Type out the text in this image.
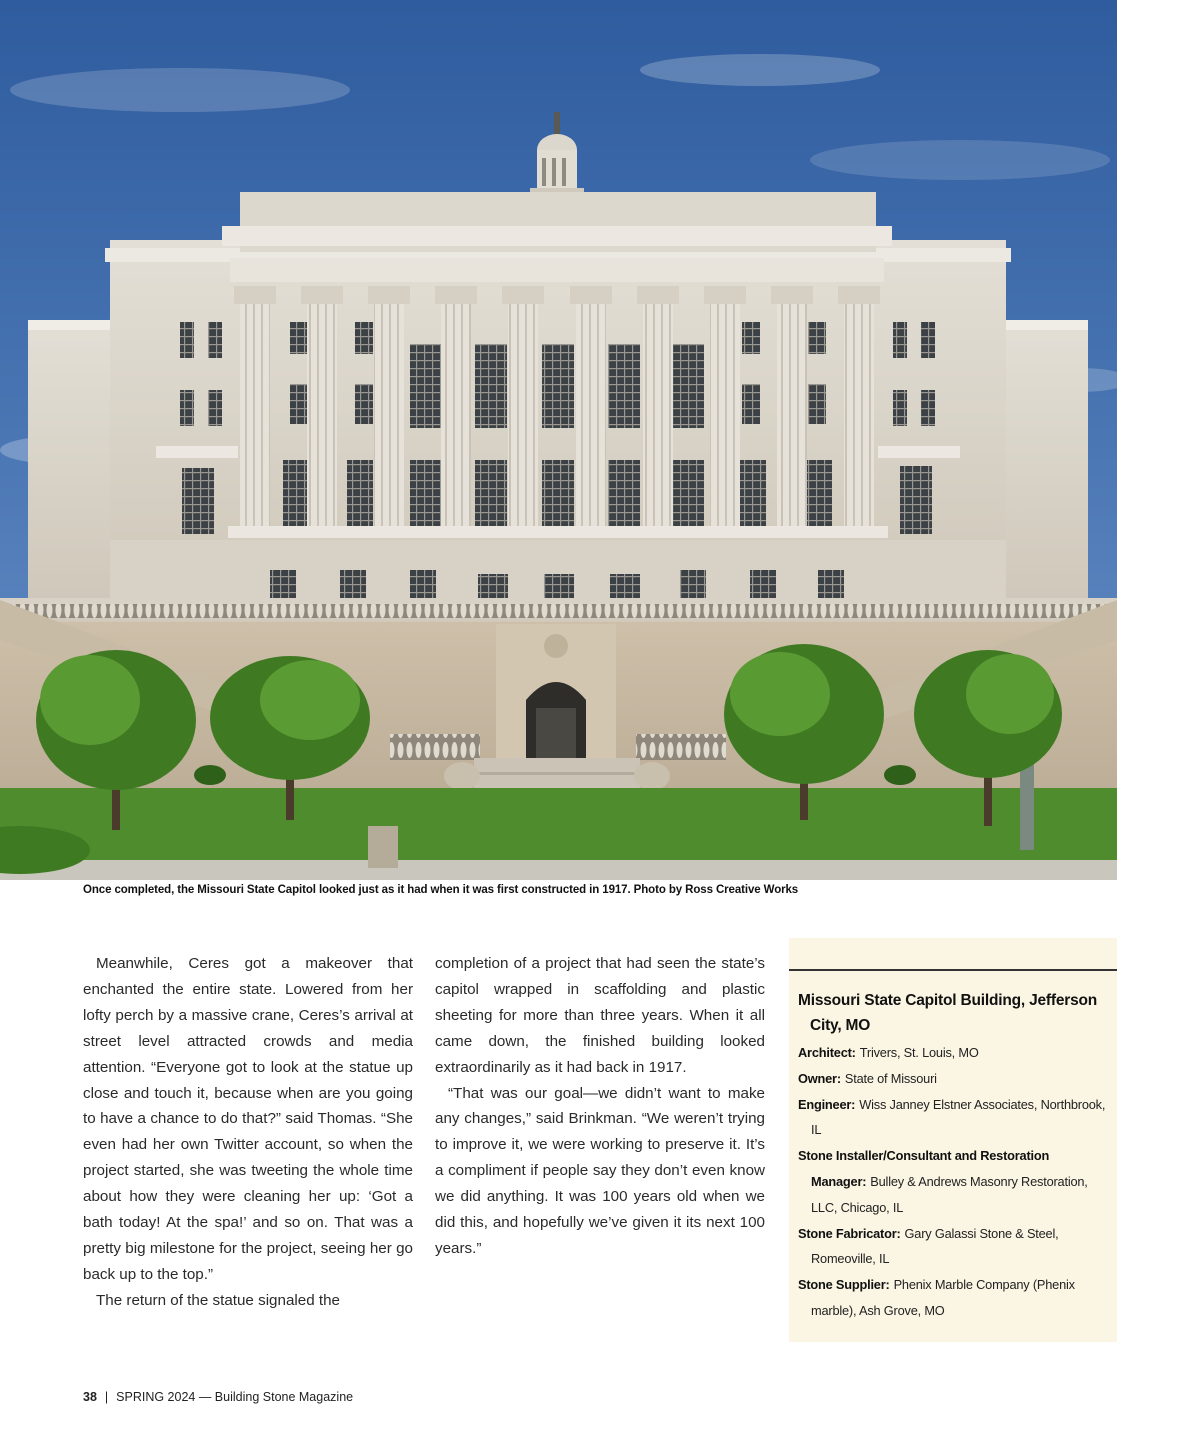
Once completed, the Missouri State Capitol looked just as it had when it was first constructed in 1917. Photo by Ross Creative Works

Meanwhile, Ceres got a makeover that enchanted the entire state. Lowered from her lofty perch by a massive crane, Ceres’s arrival at street level attracted crowds and media attention. “Everyone got to look at the statue up close and touch it, because when are you going to have a chance to do that?” said Thomas. “She even had her own Twitter account, so when the project started, she was tweeting the whole time about how they were cleaning her up: ‘Got a bath today! At the spa!’ and so on. That was a pretty big milestone for the project, seeing her go back up to the top.”

The return of the statue signaled the

completion of a project that had seen the state’s capitol wrapped in scaffolding and plastic sheeting for more than three years. When it all came down, the finished building looked extraordinarily as it had back in 1917.

“That was our goal—we didn’t want to make any changes,” said Brinkman. “We weren’t trying to improve it, we were working to preserve it. It’s a compliment if people say they don’t even know we did anything. It was 100 years old when we did this, and hopefully we’ve given it its next 100 years.”

Missouri State Capitol Building, Jefferson City, MO
Architect: Trivers, St. Louis, MO
Owner: State of Missouri
Engineer: Wiss Janney Elstner Associates, Northbrook, IL
Stone Installer/Consultant and Restoration Manager: Bulley & Andrews Masonry Restoration, LLC, Chicago, IL
Stone Fabricator: Gary Galassi Stone & Steel, Romeoville, IL
Stone Supplier: Phenix Marble Company (Phenix marble), Ash Grove, MO
38 | SPRING 2024 — Building Stone Magazine
